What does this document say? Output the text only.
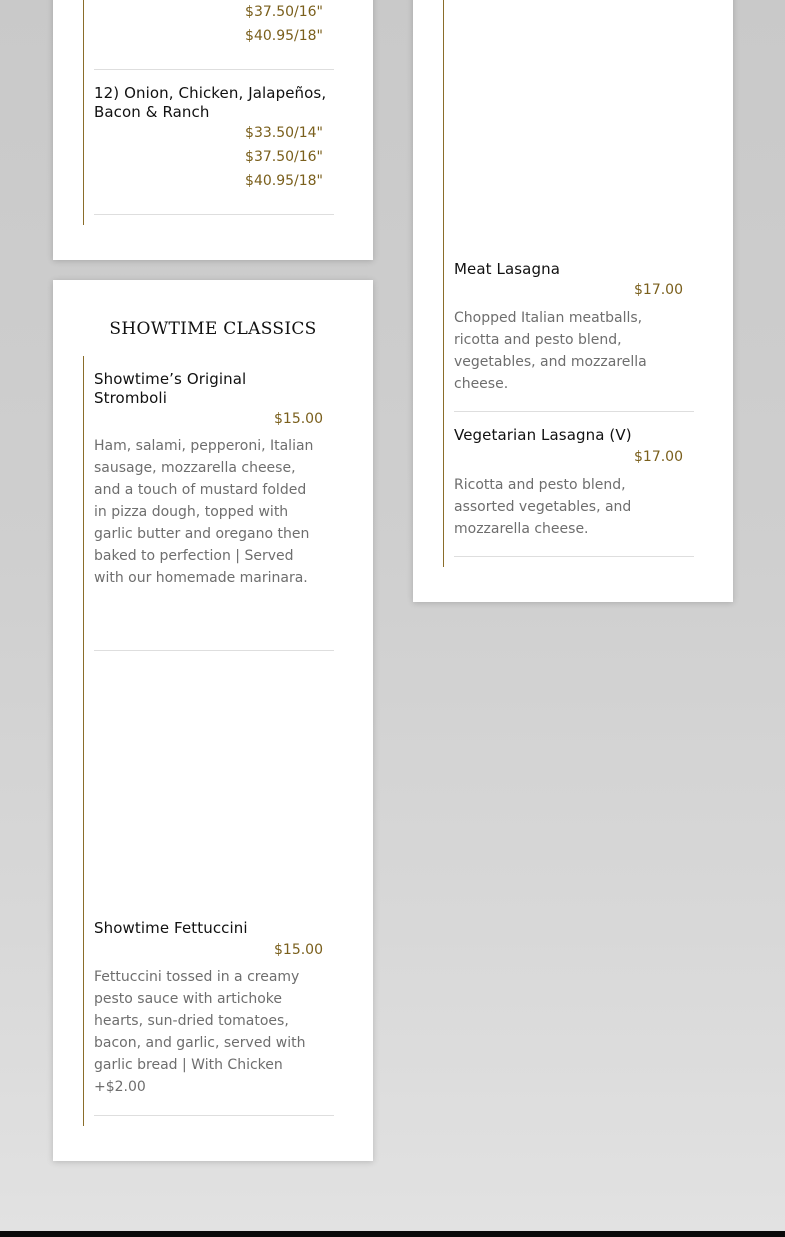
$37.50/16"
$40.95/18"
12) Onion, Chicken, Jalapeños, Bacon & Ranch
$33.50/14"
$37.50/16"
$40.95/18"
SHOWTIME CLASSICS
Showtime’s Original Stromboli
$15.00
Ham, salami, pepperoni, Italian sausage, mozzarella cheese, and a touch of mustard folded in pizza dough, topped with garlic butter and oregano then baked to perfection | Served with our homemade marinara.
Showtime Fettuccini
$15.00
Fettuccini tossed in a creamy pesto sauce with artichoke hearts, sun-dried tomatoes, bacon, and garlic, served with garlic bread | With Chicken +$2.00
Meat Lasagna
$17.00
Chopped Italian meatballs, ricotta and pesto blend, vegetables, and mozzarella cheese.
Vegetarian Lasagna (V)
$17.00
Ricotta and pesto blend, assorted vegetables, and mozzarella cheese.
